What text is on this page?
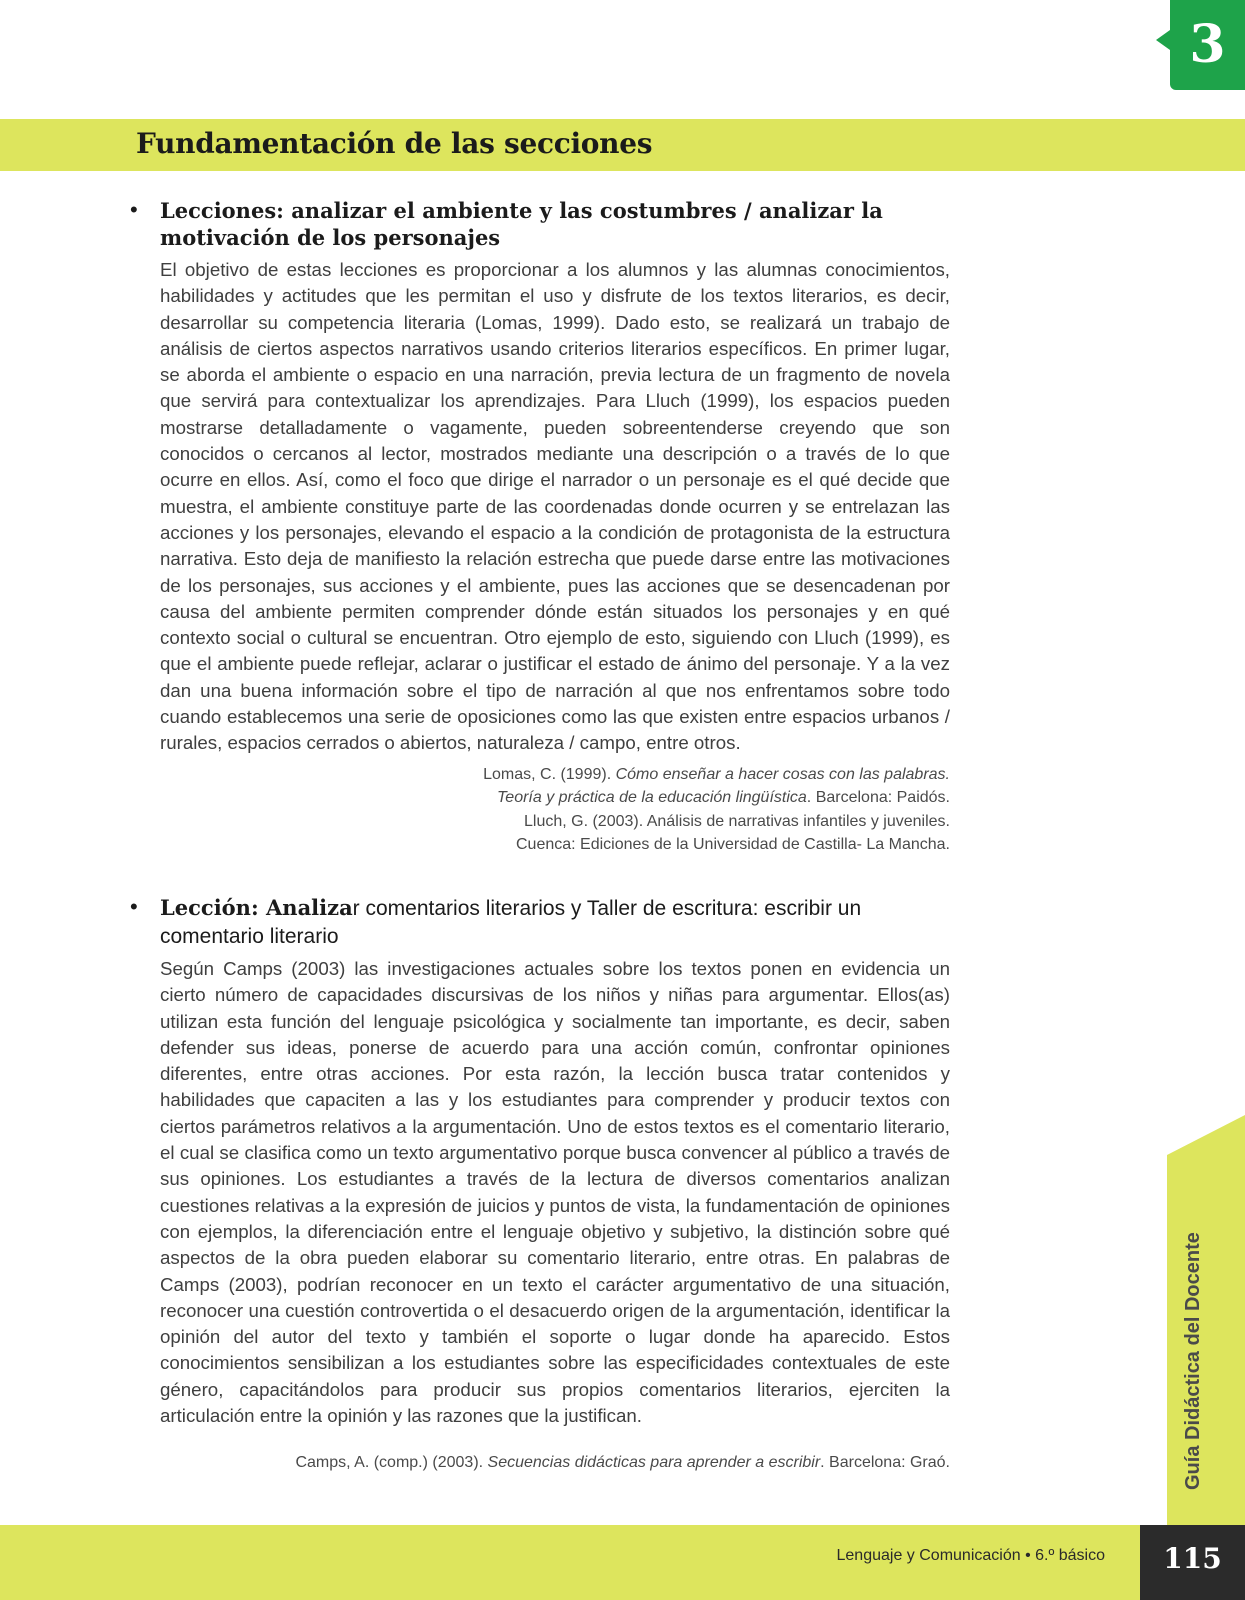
3
Fundamentación de las secciones
• Lecciones: analizar el ambiente y las costumbres / analizar la motivación de los personajes

El objetivo de estas lecciones es proporcionar a los alumnos y las alumnas conocimientos, habilidades y actitudes que les permitan el uso y disfrute de los textos literarios, es decir, desarrollar su competencia literaria (Lomas, 1999). Dado esto, se realizará un trabajo de análisis de ciertos aspectos narrativos usando criterios literarios específicos. En primer lugar, se aborda el ambiente o espacio en una narración, previa lectura de un fragmento de novela que servirá para contextualizar los aprendizajes. Para Lluch (1999), los espacios pueden mostrarse detalladamente o vagamente, pueden sobreentenderse creyendo que son conocidos o cercanos al lector, mostrados mediante una descripción o a través de lo que ocurre en ellos. Así, como el foco que dirige el narrador o un personaje es el qué decide que muestra, el ambiente constituye parte de las coordenadas donde ocurren y se entrelazan las acciones y los personajes, elevando el espacio a la condición de protagonista de la estructura narrativa. Esto deja de manifiesto la relación estrecha que puede darse entre las motivaciones de los personajes, sus acciones y el ambiente, pues las acciones que se desencadenan por causa del ambiente permiten comprender dónde están situados los personajes y en qué contexto social o cultural se encuentran. Otro ejemplo de esto, siguiendo con Lluch (1999), es que el ambiente puede reflejar, aclarar o justificar el estado de ánimo del personaje. Y a la vez dan una buena información sobre el tipo de narración al que nos enfrentamos sobre todo cuando establecemos una serie de oposiciones como las que existen entre espacios urbanos / rurales, espacios cerrados o abiertos, naturaleza / campo, entre otros.

Lomas, C. (1999). Cómo enseñar a hacer cosas con las palabras.
Teoría y práctica de la educación lingüística. Barcelona: Paidós.
Lluch, G. (2003). Análisis de narrativas infantiles y juveniles.
Cuenca: Ediciones de la Universidad de Castilla- La Mancha.
• Lección: Analizar comentarios literarios y Taller de escritura: escribir un comentario literario

Según Camps (2003) las investigaciones actuales sobre los textos ponen en evidencia un cierto número de capacidades discursivas de los niños y niñas para argumentar. Ellos(as) utilizan esta función del lenguaje psicológica y socialmente tan importante, es decir, saben defender sus ideas, ponerse de acuerdo para una acción común, confrontar opiniones diferentes, entre otras acciones. Por esta razón, la lección busca tratar contenidos y habilidades que capaciten a las y los estudiantes para comprender y producir textos con ciertos parámetros relativos a la argumentación. Uno de estos textos es el comentario literario, el cual se clasifica como un texto argumentativo porque busca convencer al público a través de sus opiniones. Los estudiantes a través de la lectura de diversos comentarios analizan cuestiones relativas a la expresión de juicios y puntos de vista, la fundamentación de opiniones con ejemplos, la diferenciación entre el lenguaje objetivo y subjetivo, la distinción sobre qué aspectos de la obra pueden elaborar su comentario literario, entre otras. En palabras de Camps (2003), podrían reconocer en un texto el carácter argumentativo de una situación, reconocer una cuestión controvertida o el desacuerdo origen de la argumentación, identificar la opinión del autor del texto y también el soporte o lugar donde ha aparecido. Estos conocimientos sensibilizan a los estudiantes sobre las especificidades contextuales de este género, capacitándolos para producir sus propios comentarios literarios, ejerciten la articulación entre la opinión y las razones que la justifican.

Camps, A. (comp.) (2003). Secuencias didácticas para aprender a escribir. Barcelona: Graó.	Guía Didáctica del Docente
Lenguaje y Comunicación • 6.º básico 115
